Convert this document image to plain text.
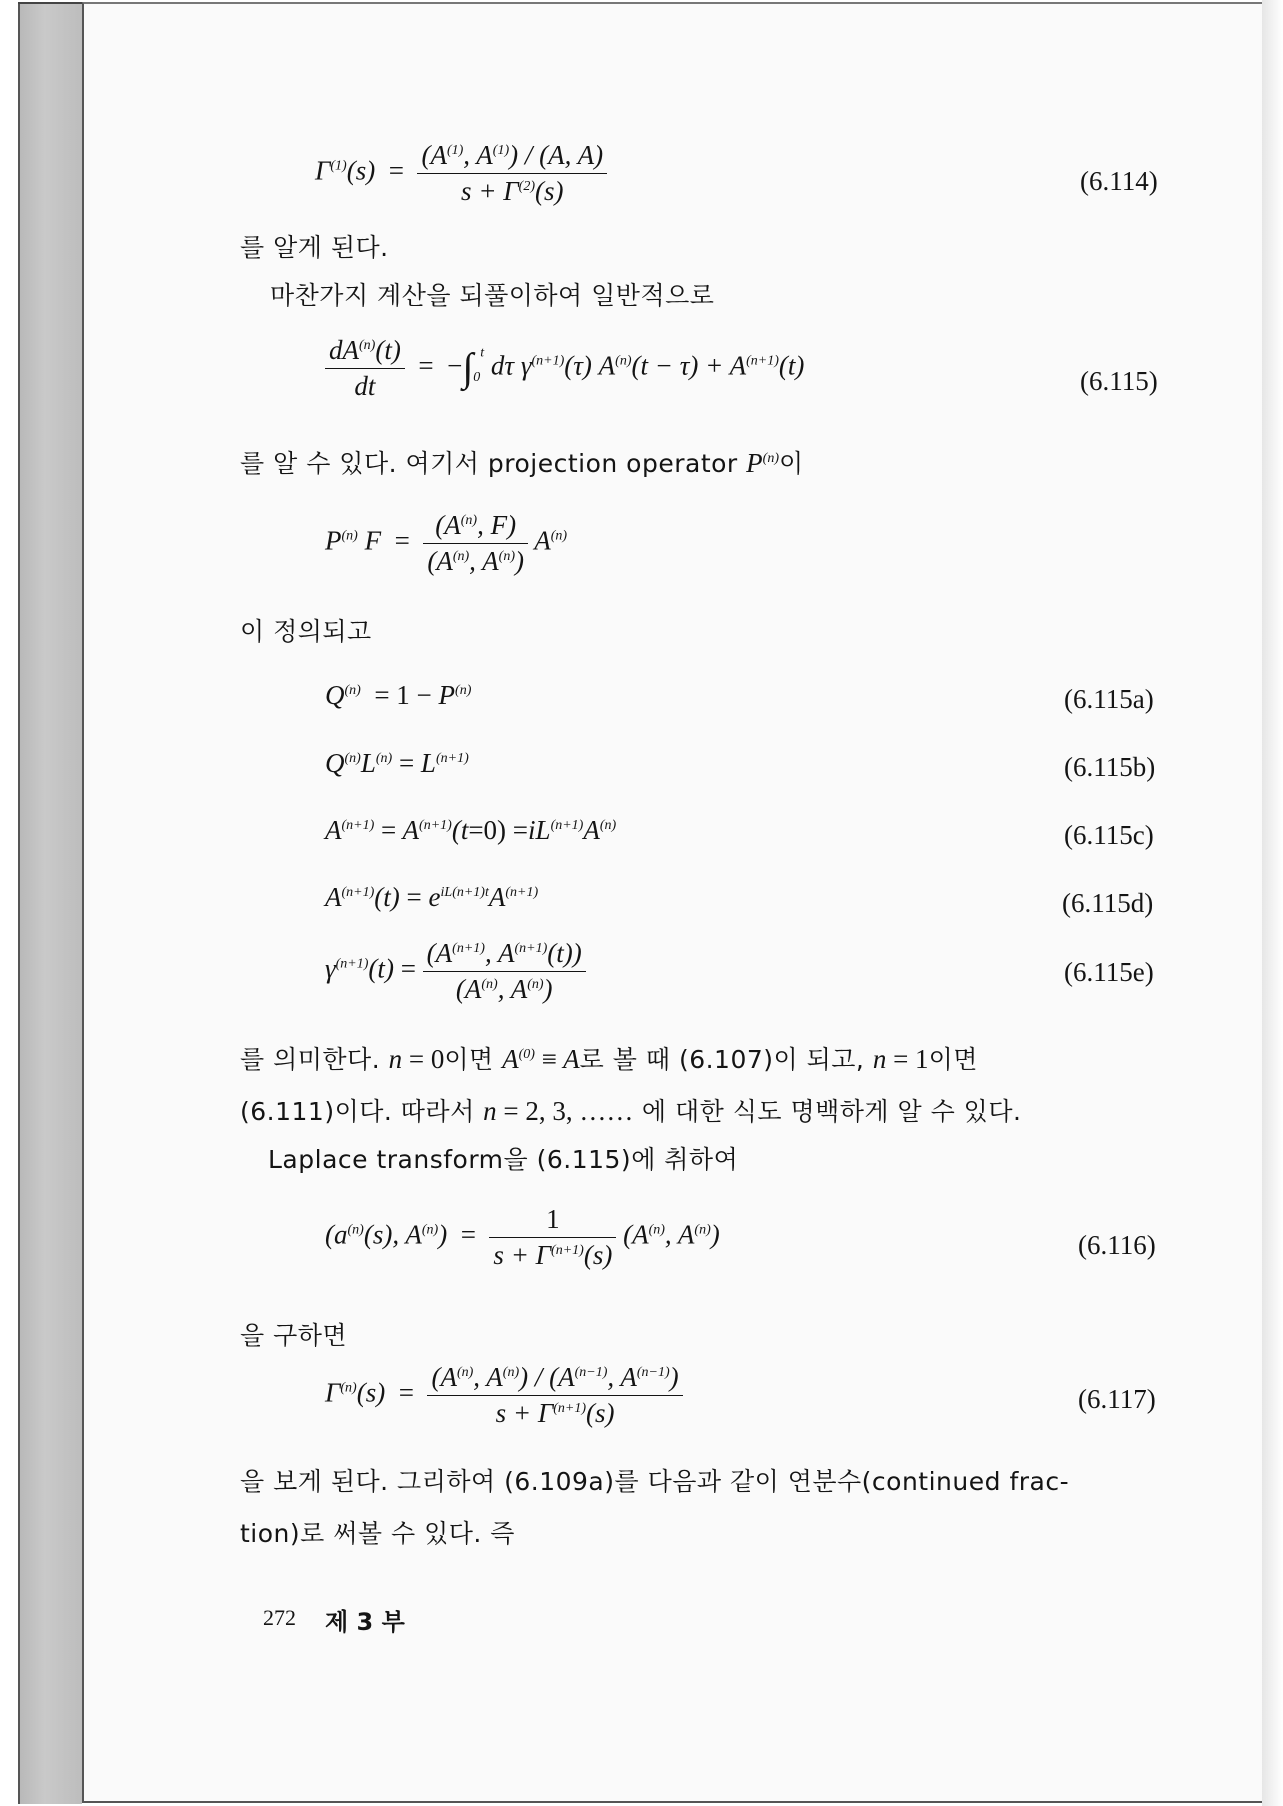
$\Gamma^{(1)}(s) = \frac{(A^{(1)}, A^{(1)}) / (A, A)}{s + \Gamma^{(2)}(s)}$	(6.114)
를 알게 된다.
마찬가지 계산을 되풀이하여 일반적으로
$\frac{dA^{(n)}(t)}{dt} = -\int_0^t$ dτ $\gamma^{(n+1)}(\tau) A^{(n)}(t - \tau) + A^{(n+1)}(t)$
(6.115)
를 알 수 있다. 여기서 projection operator $P^{(n)}$이
$P^{(n)}$ $F = \frac{(A^{(n)}, F)}{(A^{(n)}, A^{(n)})} A^{(n)}$
이 정의되고
$Q^{(n)} = 1 - P^{(n)}$	(6.115a)
$Q^{(n)}L^{(n)} = L^{(n+1)}$	(6.115b)
$A^{(n+1)} = A^{(n+1)}(t=0) =iL^{(n+1)}A^{(n)}$	(6.115c)
$A^{(n+1)}(t) = e^{iL(n+1)t}A^{(n+1)}$	(6.115d)
$\gamma^{(n+1)}(t) = \frac{(A^{(n+1)}, A^{(n+1)}(t))}{(A^{(n)}, A^{(n)})}$	(6.115e)
를 의미한다. n = 0이면 $A^{(0)} \equiv A$로 볼 때 (6.107)이 되고, n = 1이면
(6.111)이다. 따라서 n = 2, 3, …… 에 대한 식도 명백하게 알 수 있다.
Laplace transform을 (6.115)에 취하여
($a^{(n)}(s)$, $A^{(n)}) = \frac{1}{s + \Gamma^{(n+1)}(s)} (A^{(n)}$, $A^{(n)}$)	(6.116)
을 구하면
$\Gamma^{(n)}(s) = \frac{(A^{(n)}, A^{(n)}) / (A^{(n-1)}, A^{(n-1)})}{s + \Gamma^{(n+1)}(s)}$	(6.117)
을 보게 된다. 그리하여 (6.109a)를 다음과 같이 연분수(continued frac-
tion)로 써볼 수 있다. 즉
272 제 3 부
